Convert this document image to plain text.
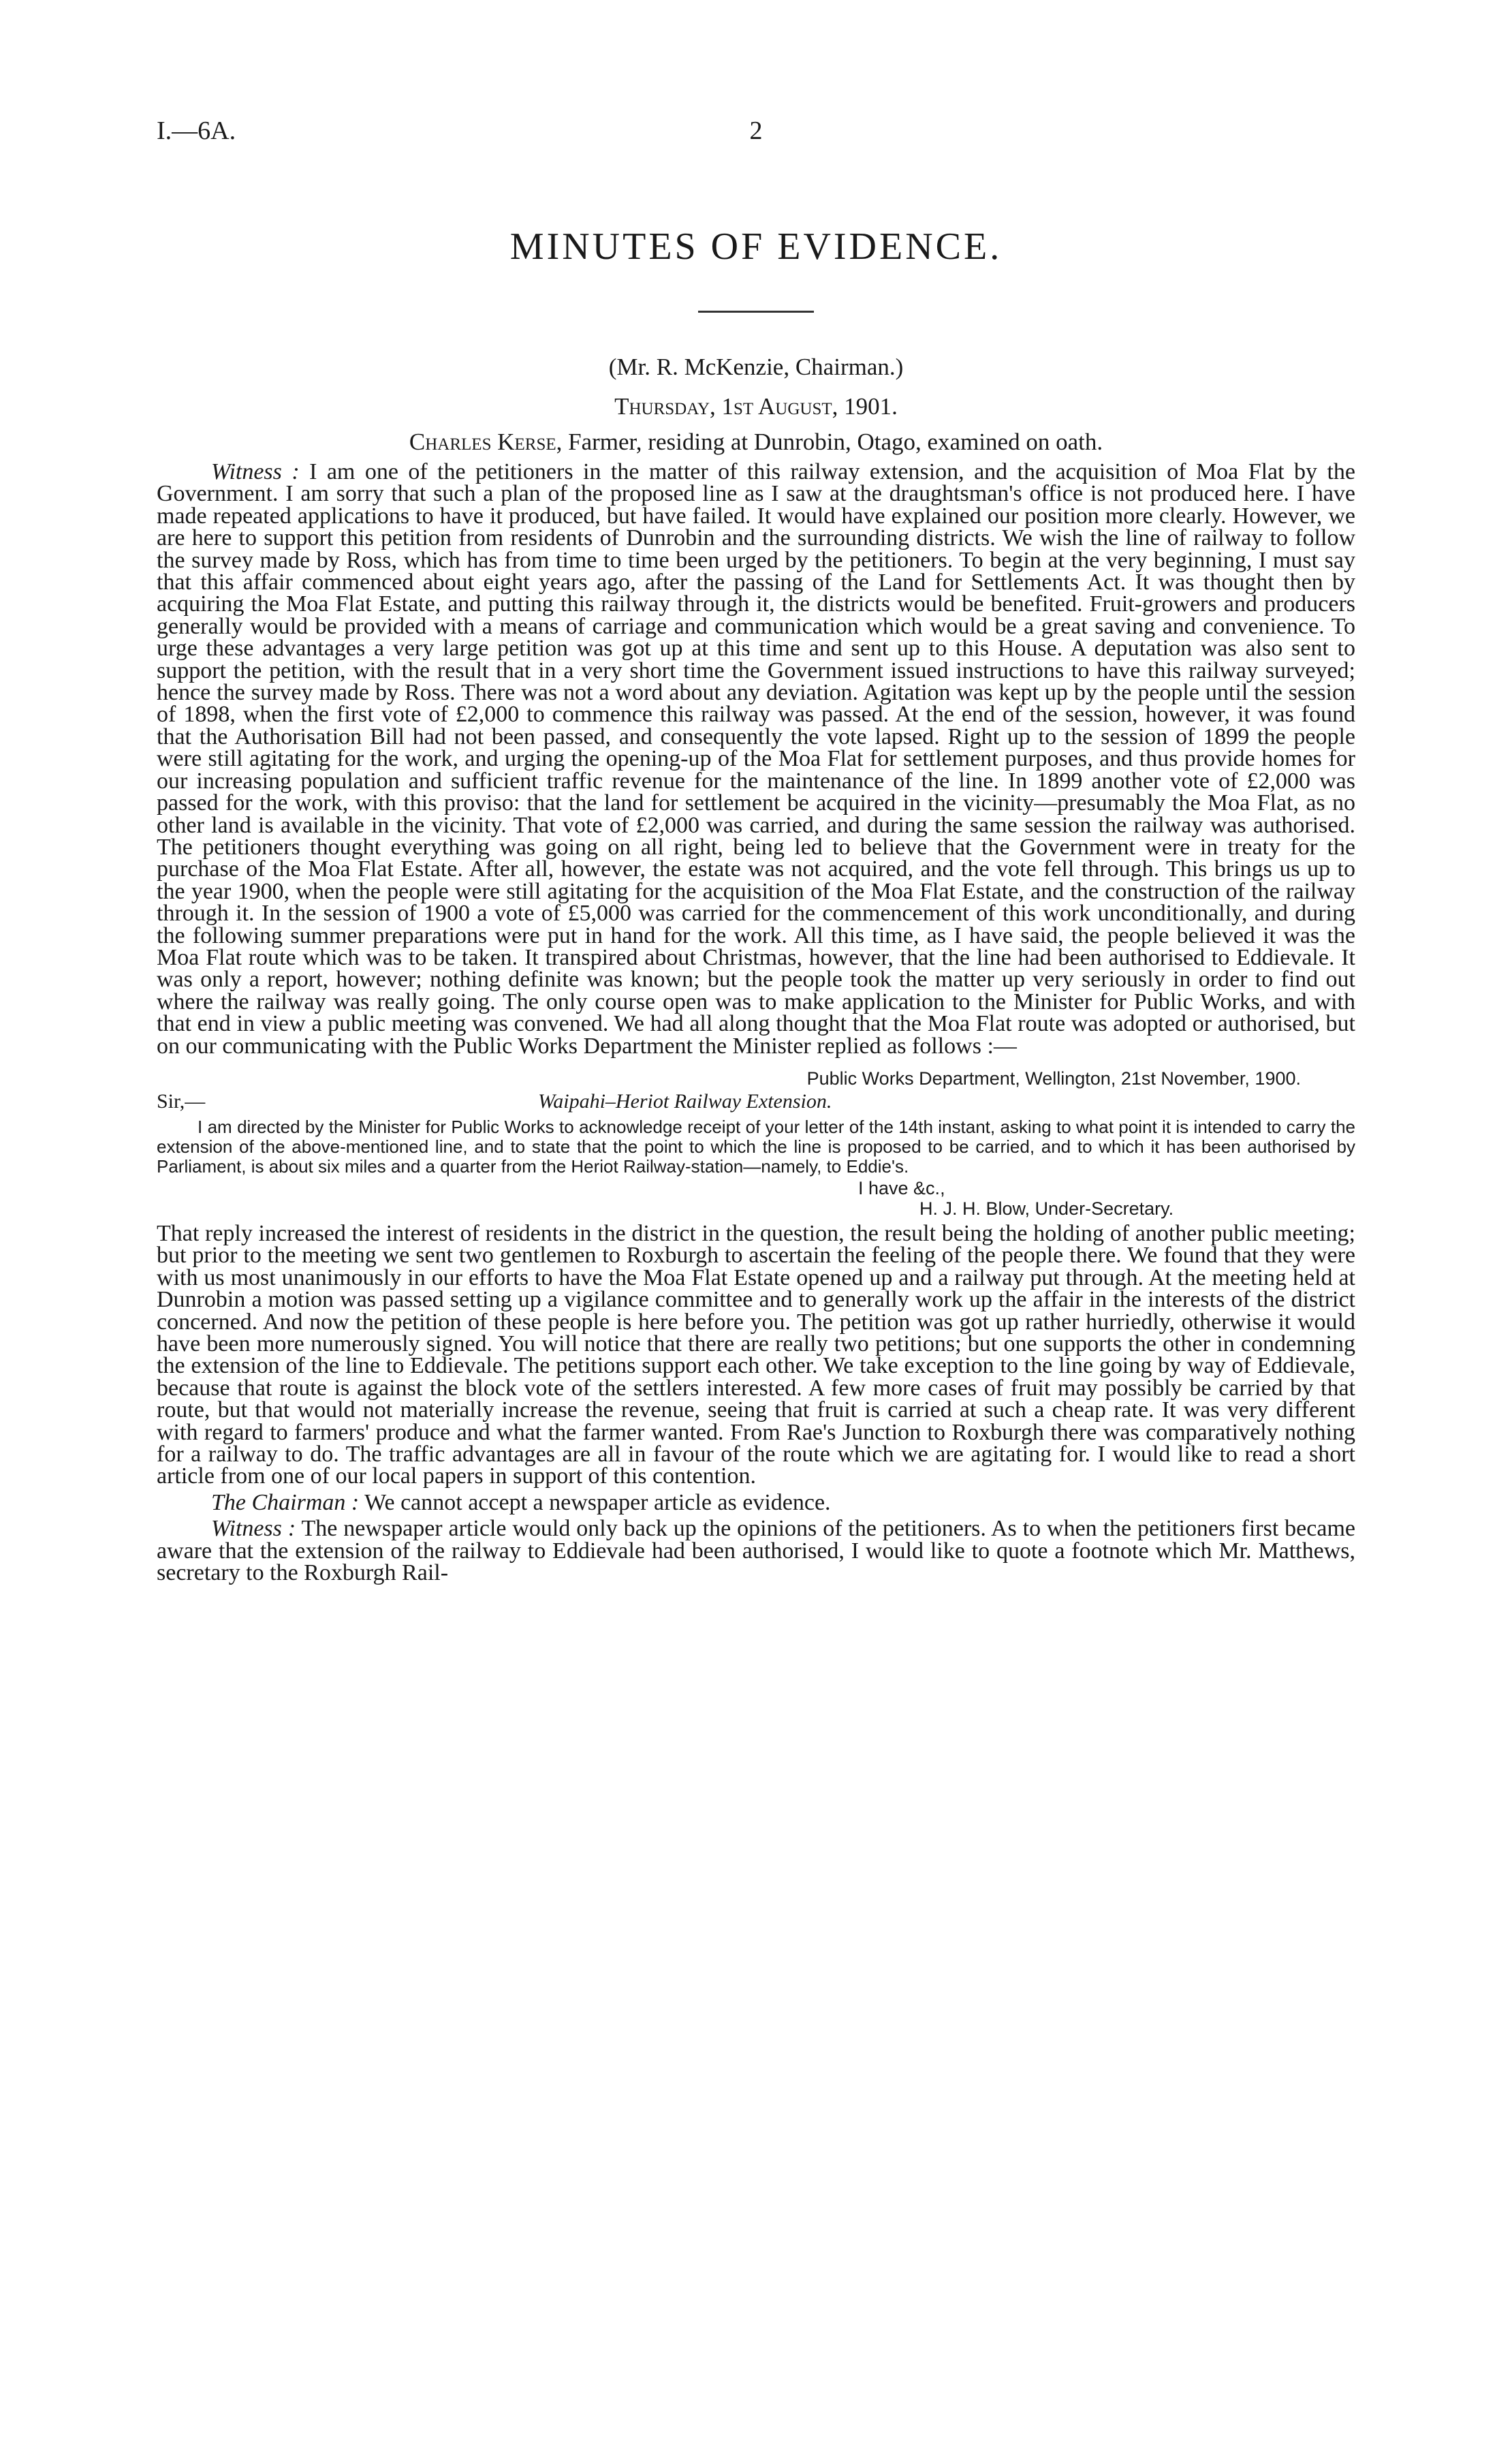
I.—6A.	2
MINUTES OF EVIDENCE.
(Mr. R. McKenzie, Chairman.)
Thursday, 1st August, 1901.
Charles Kerse, Farmer, residing at Dunrobin, Otago, examined on oath.

Witness : I am one of the petitioners in the matter of this railway extension, and the acquisition of Moa Flat by the Government. I am sorry that such a plan of the proposed line as I saw at the draughtsman's office is not produced here. I have made repeated applications to have it produced, but have failed. It would have explained our position more clearly. However, we are here to support this petition from residents of Dunrobin and the surrounding districts. We wish the line of railway to follow the survey made by Ross, which has from time to time been urged by the petitioners. To begin at the very beginning, I must say that this affair commenced about eight years ago, after the passing of the Land for Settlements Act. It was thought then by acquiring the Moa Flat Estate, and putting this railway through it, the districts would be benefited. Fruit-growers and producers generally would be provided with a means of carriage and communication which would be a great saving and convenience. To urge these advantages a very large petition was got up at this time and sent up to this House. A deputation was also sent to support the petition, with the result that in a very short time the Government issued instructions to have this railway surveyed; hence the survey made by Ross. There was not a word about any deviation. Agitation was kept up by the people until the session of 1898, when the first vote of £2,000 to commence this railway was passed. At the end of the session, however, it was found that the Authorisation Bill had not been passed, and consequently the vote lapsed. Right up to the session of 1899 the people were still agitating for the work, and urging the opening-up of the Moa Flat for settlement purposes, and thus provide homes for our increasing population and sufficient traffic revenue for the maintenance of the line. In 1899 another vote of £2,000 was passed for the work, with this proviso: that the land for settlement be acquired in the vicinity—presumably the Moa Flat, as no other land is available in the vicinity. That vote of £2,000 was carried, and during the same session the railway was authorised. The petitioners thought everything was going on all right, being led to believe that the Government were in treaty for the purchase of the Moa Flat Estate. After all, however, the estate was not acquired, and the vote fell through. This brings us up to the year 1900, when the people were still agitating for the acquisition of the Moa Flat Estate, and the construction of the railway through it. In the session of 1900 a vote of £5,000 was carried for the commencement of this work unconditionally, and during the following summer preparations were put in hand for the work. All this time, as I have said, the people believed it was the Moa Flat route which was to be taken. It transpired about Christmas, however, that the line had been authorised to Eddievale. It was only a report, however; nothing definite was known; but the people took the matter up very seriously in order to find out where the railway was really going. The only course open was to make application to the Minister for Public Works, and with that end in view a public meeting was convened. We had all along thought that the Moa Flat route was adopted or authorised, but on our communicating with the Public Works Department the Minister replied as follows :—

Public Works Department, Wellington, 21st November, 1900.
Sir,—	Waipahi–Heriot Railway Extension.

I am directed by the Minister for Public Works to acknowledge receipt of your letter of the 14th instant, asking to what point it is intended to carry the extension of the above-mentioned line, and to state that the point to which the line is proposed to be carried, and to which it has been authorised by Parliament, is about six miles and a quarter from the Heriot Railway-station—namely, to Eddie's.

I have &c.,
H. J. H. Blow, Under-Secretary.

That reply increased the interest of residents in the district in the question, the result being the holding of another public meeting; but prior to the meeting we sent two gentlemen to Roxburgh to ascertain the feeling of the people there. We found that they were with us most unanimously in our efforts to have the Moa Flat Estate opened up and a railway put through. At the meeting held at Dunrobin a motion was passed setting up a vigilance committee and to generally work up the affair in the interests of the district concerned. And now the petition of these people is here before you. The petition was got up rather hurriedly, otherwise it would have been more numerously signed. You will notice that there are really two petitions; but one supports the other in condemning the extension of the line to Eddievale. The petitions support each other. We take exception to the line going by way of Eddievale, because that route is against the block vote of the settlers interested. A few more cases of fruit may possibly be carried by that route, but that would not materially increase the revenue, seeing that fruit is carried at such a cheap rate. It was very different with regard to farmers' produce and what the farmer wanted. From Rae's Junction to Roxburgh there was comparatively nothing for a railway to do. The traffic advantages are all in favour of the route which we are agitating for. I would like to read a short article from one of our local papers in support of this contention.

The Chairman : We cannot accept a newspaper article as evidence.

Witness : The newspaper article would only back up the opinions of the petitioners. As to when the petitioners first became aware that the extension of the railway to Eddievale had been authorised, I would like to quote a footnote which Mr. Matthews, secretary to the Roxburgh Rail-
